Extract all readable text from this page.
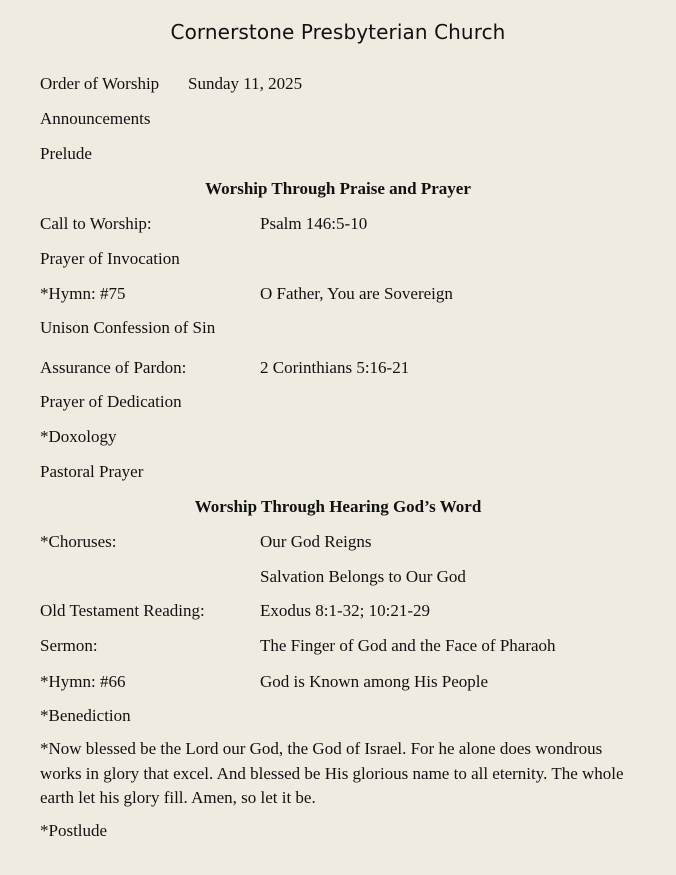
Cornerstone Presbyterian Church
Order of Worship Sunday 11, 2025
Announcements
Prelude
Worship Through Praise and Prayer
Call to Worship:	Psalm 146:5-10
Prayer of Invocation
*Hymn: #75	O Father, You are Sovereign
Unison Confession of Sin
Assurance of Pardon:	2 Corinthians 5:16-21
Prayer of Dedication
*Doxology
Pastoral Prayer
Worship Through Hearing God’s Word
*Choruses:	Our God Reigns
Salvation Belongs to Our God
Old Testament Reading:	Exodus 8:1-32; 10:21-29
Sermon:	The Finger of God and the Face of Pharaoh
*Hymn: #66	God is Known among His People
*Benediction
*Now blessed be the Lord our God, the God of Israel. For he alone does wondrous works in glory that excel. And blessed be His glorious name to all eternity. The whole earth let his glory fill. Amen, so let it be.
*Postlude
